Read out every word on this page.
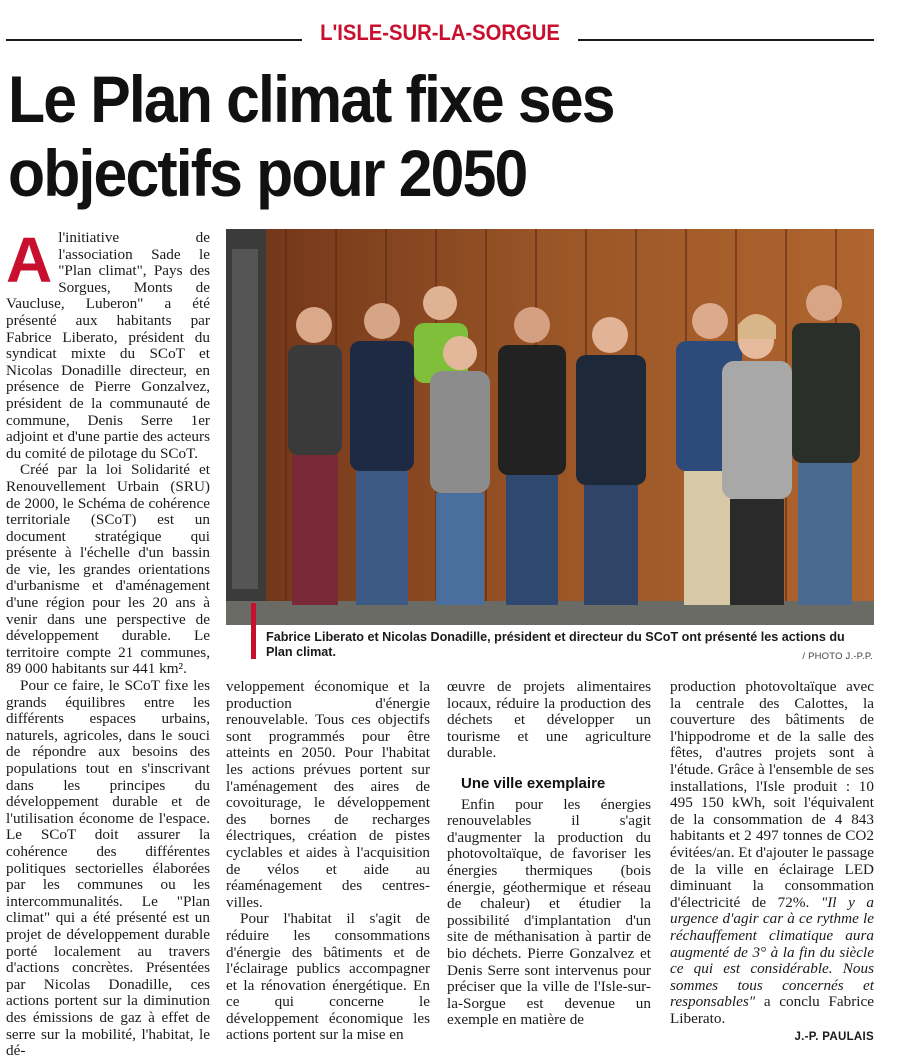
L'ISLE-SUR-LA-SORGUE
Le Plan climat fixe ses
objectifs pour 2050

Al'initiative de l'association Sade le "Plan climat", Pays des Sorgues, Monts de Vaucluse, Luberon" a été présenté aux habitants par Fabrice Liberato, président du syndicat mixte du SCoT et Nicolas Donadille directeur, en présence de Pierre Gonzalvez, président de la communauté de commune, Denis Serre 1er adjoint et d'une partie des acteurs du comité de pilotage du SCoT.

Créé par la loi Solidarité et Renouvellement Urbain (SRU) de 2000, le Schéma de cohérence territoriale (SCoT) est un document stratégique qui présente à l'échelle d'un bassin de vie, les grandes orientations d'urbanisme et d'aménagement d'une région pour les 20 ans à venir dans une perspective de développement durable. Le territoire compte 21 communes, 89 000 habitants sur 441 km².

Pour ce faire, le SCoT fixe les grands équilibres entre les différents espaces urbains, naturels, agricoles, dans le souci de répondre aux besoins des populations tout en s'inscrivant dans les principes du développement durable et de l'utilisation économe de l'espace. Le SCoT doit assurer la cohérence des différentes politiques sectorielles élaborées par les communes ou les intercommunalités. Le "Plan climat" qui a été présenté est un projet de développement durable porté localement au travers d'actions concrètes. Présentées par Nicolas Donadille, ces actions portent sur la diminution des émissions de gaz à effet de serre sur la mobilité, l'habitat, le dé-

Fabrice Liberato et Nicolas Donadille, président et directeur du SCoT ont présenté les actions du Plan climat.	/ PHOTO J.-P.P.

veloppement économique et la production d'énergie renouvelable. Tous ces objectifs sont programmés pour être atteints en 2050. Pour l'habitat les actions prévues portent sur l'aménagement des aires de covoiturage, le développement des bornes de recharges électriques, création de pistes cyclables et aides à l'acquisition de vélos et aide au réaménagement des centres-villes.

Pour l'habitat il s'agit de réduire les consommations d'énergie des bâtiments et de l'éclairage publics accompagner et la rénovation énergétique. En ce qui concerne le développement économique les actions portent sur la mise en

œuvre de projets alimentaires locaux, réduire la production des déchets et développer un tourisme et une agriculture durable.

Une ville exemplaire

Enfin pour les énergies renouvelables il s'agit d'augmenter la production du photovoltaïque, de favoriser les énergies thermiques (bois énergie, géothermique et réseau de chaleur) et étudier la possibilité d'implantation d'un site de méthanisation à partir de bio déchets. Pierre Gonzalvez et Denis Serre sont intervenus pour préciser que la ville de l'Isle-sur-la-Sorgue est devenue un exemple en matière de

production photovoltaïque avec la centrale des Calottes, la couverture des bâtiments de l'hippodrome et de la salle des fêtes, d'autres projets sont à l'étude. Grâce à l'ensemble de ses installations, l'Isle produit : 10 495 150 kWh, soit l'équivalent de la consommation de 4 843 habitants et 2 497 tonnes de CO2 évitées/an. Et d'ajouter le passage de la ville en éclairage LED diminuant la consommation d'électricité de 72%. "Il y a urgence d'agir car à ce rythme le réchauffement climatique aura augmenté de 3° à la fin du siècle ce qui est considérable. Nous sommes tous concernés et responsables" a conclu Fabrice Liberato.

J.-P. PAULAIS
